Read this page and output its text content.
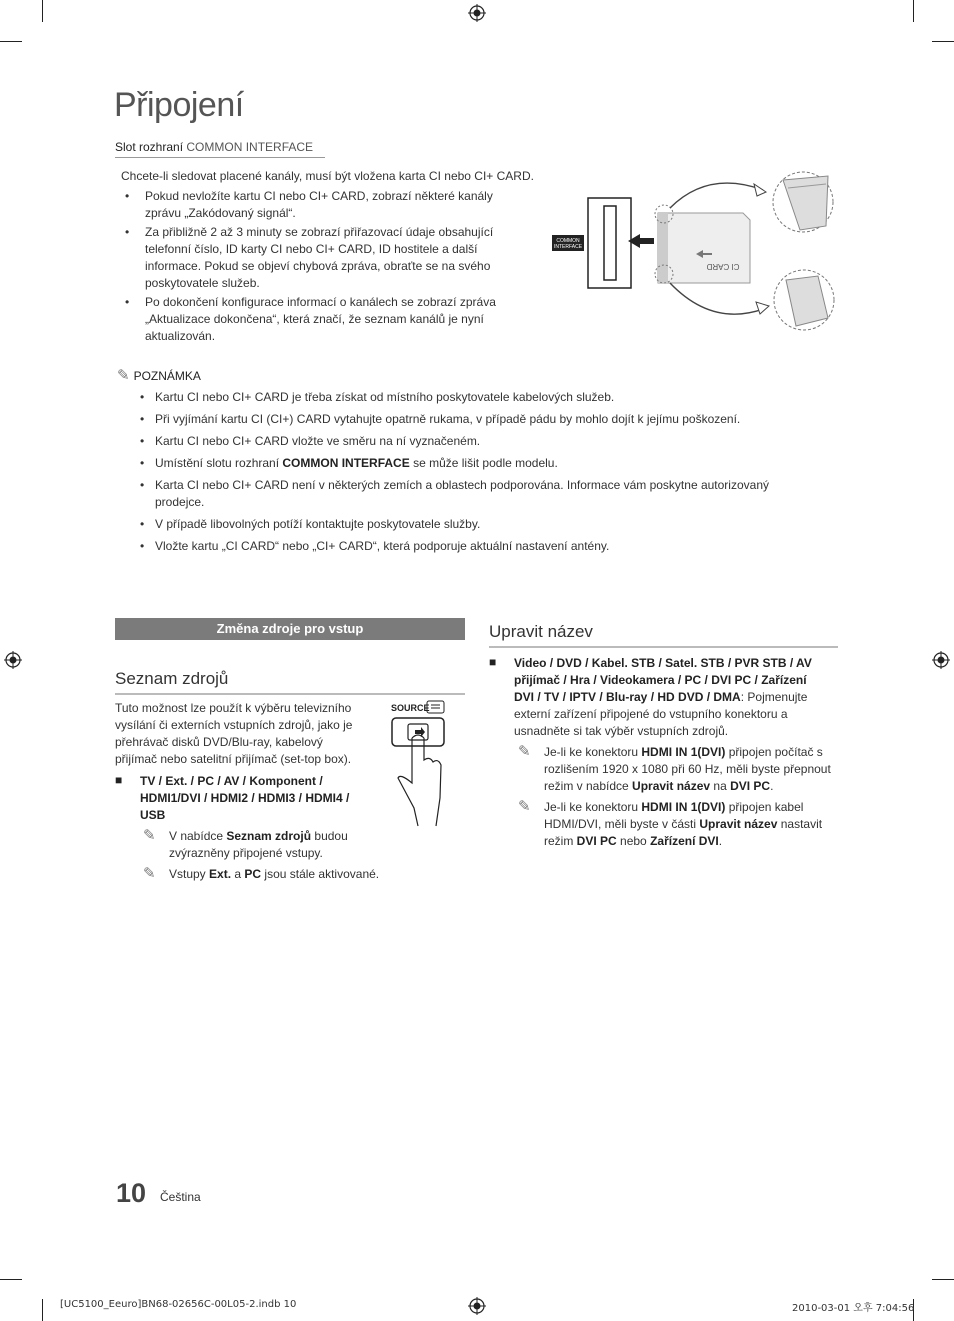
Připojení
Slot rozhraní COMMON INTERFACE
Chcete-li sledovat placené kanály, musí být vložena karta CI nebo CI+ CARD.
• Pokud nevložíte kartu CI nebo CI+ CARD, zobrazí některé kanály zprávu „Zakódovaný signál“.
• Za přibližně 2 až 3 minuty se zobrazí přiřazovací údaje obsahující telefonní číslo, ID karty CI nebo CI+ CARD, ID hostitele a další informace. Pokud se objeví chybová zpráva, obraťte se na svého poskytovatele služeb.
• Po dokončení konfigurace informací o kanálech se zobrazí zpráva „Aktualizace dokončena“, která značí, že seznam kanálů je nyní aktualizován.
COMMON
INTERFACE
CI CARD
✎ POZNÁMKA
• Kartu CI nebo CI+ CARD je třeba získat od místního poskytovatele kabelových služeb.
• Při vyjímání kartu CI (CI+) CARD vytahujte opatrně rukama, v případě pádu by mohlo dojít k jejímu poškození.
• Kartu CI nebo CI+ CARD vložte ve směru na ní vyznačeném.
• Umístění slotu rozhraní COMMON INTERFACE se může lišit podle modelu.
• Karta CI nebo CI+ CARD není v některých zemích a oblastech podporována. Informace vám poskytne autorizovaný prodejce.
• V případě libovolných potíží kontaktujte poskytovatele služby.
• Vložte kartu „CI CARD“ nebo „CI+ CARD“, která podporuje aktuální nastavení antény.
Změna zdroje pro vstup
Seznam zdrojů
Tuto možnost lze použít k výběru televizního vysílání či externích vstupních zdrojů, jako je přehrávač disků DVD/Blu-ray, kabelový přijímač nebo satelitní přijímač (set-top box).
SOURCE
■ TV / Ext. / PC / AV / Komponent / HDMI1/DVI / HDMI2 / HDMI3 / HDMI4 / USB
✎ V nabídce Seznam zdrojů budou zvýrazněny připojené vstupy.
✎ Vstupy Ext. a PC jsou stále aktivované.
Upravit název
■ Video / DVD / Kabel. STB / Satel. STB / PVR STB / AV přijímač / Hra / Videokamera / PC / DVI PC / Zařízení DVI / TV / IPTV / Blu-ray / HD DVD / DMA: Pojmenujte externí zařízení připojené do vstupního konektoru a usnadněte si tak výběr vstupních zdrojů.
✎ Je-li ke konektoru HDMI IN 1(DVI) připojen počítač s rozlišením 1920 x 1080 při 60 Hz, měli byste přepnout režim v nabídce Upravit název na DVI PC.
✎ Je-li ke konektoru HDMI IN 1(DVI) připojen kabel HDMI/DVI, měli byste v části Upravit název nastavit režim DVI PC nebo Zařízení DVI.
10 Čeština
[UC5100_Eeuro]BN68-02656C-00L05-2.indb 10	2010-03-01 오후 7:04:56
